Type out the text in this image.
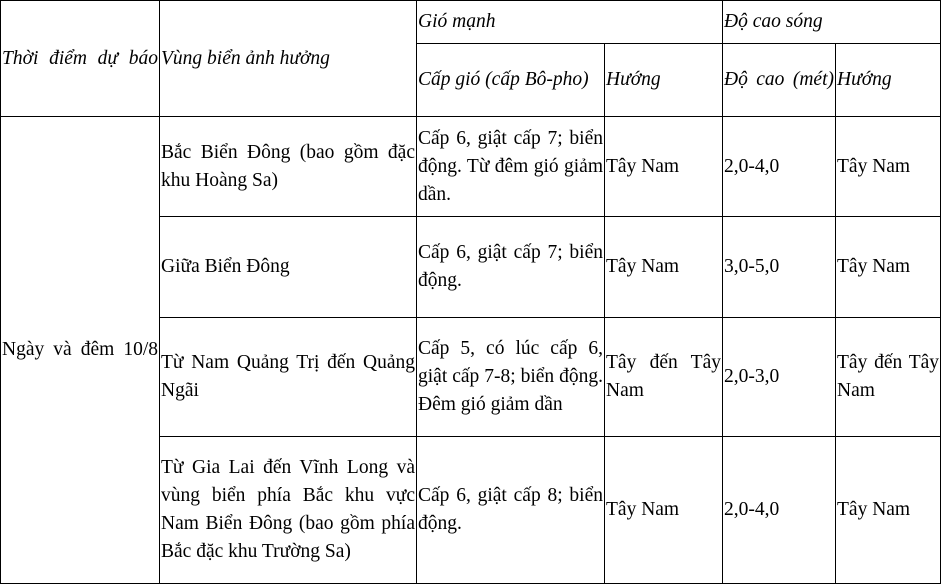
Thời điểm dự báo	Vùng biển ảnh hưởng	Gió mạnh		Độ cao sóng	
		Cấp gió (cấp Bô-pho)	Hướng	Độ cao (mét)	Hướng

Ngày và đêm 10/8	Bắc Biển Đông (bao gồm đặc khu Hoàng Sa)	Cấp 6, giật cấp 7; biển động. Từ đêm gió giảm dần.	Tây Nam	2,0-4,0	Tây Nam

	Giữa Biển Đông	Cấp 6, giật cấp 7; biển động.	Tây Nam	3,0-5,0	Tây Nam

	Từ Nam Quảng Trị đến Quảng Ngãi	Cấp 5, có lúc cấp 6, giật cấp 7-8; biển động. Đêm gió giảm dần	Tây đến Tây Nam	2,0-3,0	Tây đến Tây Nam

	Từ Gia Lai đến Vĩnh Long và vùng biển phía Bắc khu vực Nam Biển Đông (bao gồm phía Bắc đặc khu Trường Sa)	Cấp 6, giật cấp 8; biển động.	Tây Nam	2,0-4,0	Tây Nam
